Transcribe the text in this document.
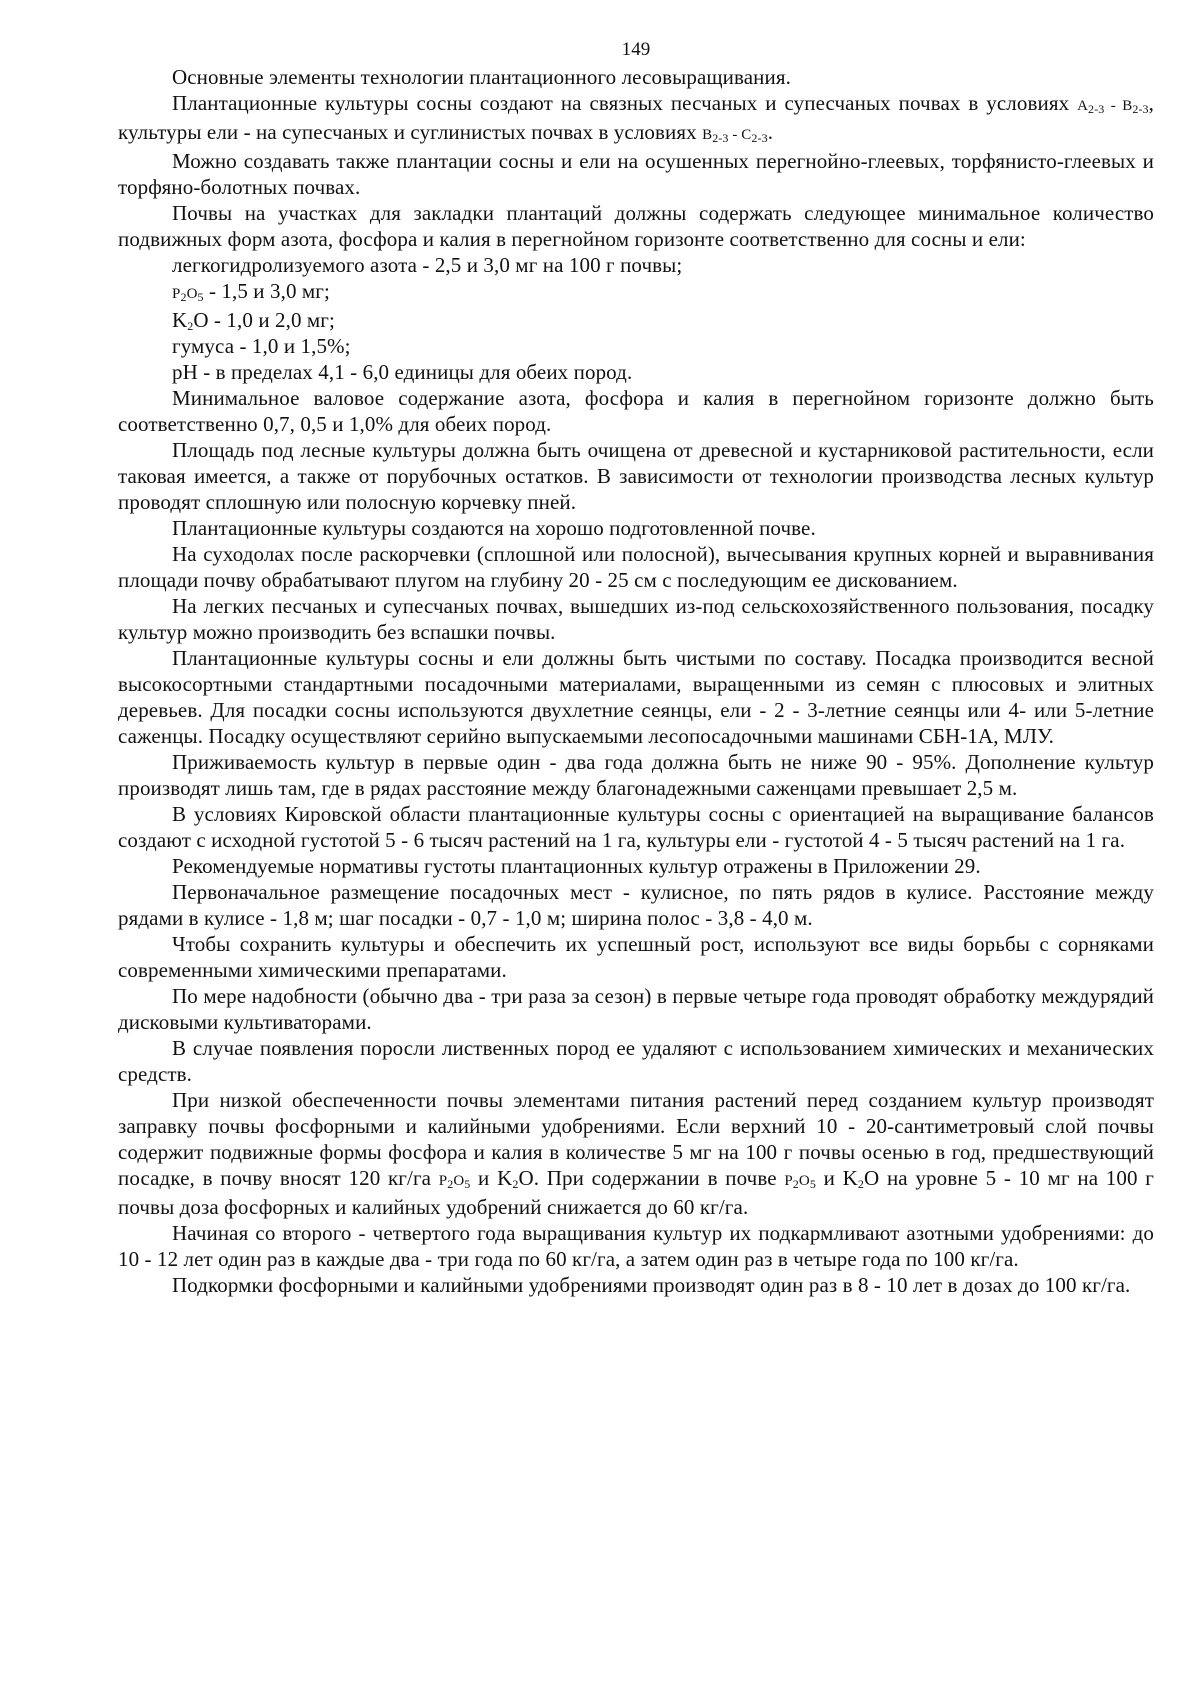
149

Основные элементы технологии плантационного лесовыращивания.

Плантационные культуры сосны создают на связных песчаных и супесчаных почвах в условиях $A_{2-3} - B_{2-3}$, культуры ели - на супесчаных и суглинистых почвах в условиях $B_{2-3} - C_{2-3}$.

Можно создавать также плантации сосны и ели на осушенных перегнойно-глеевых, торфянисто-глеевых и торфяно-болотных почвах.

Почвы на участках для закладки плантаций должны содержать следующее минимальное количество подвижных форм азота, фосфора и калия в перегнойном горизонте соответственно для сосны и ели:

легкогидролизуемого азота - 2,5 и 3,0 мг на 100 г почвы;

$P_2O_5 - 1,5$ и 3,0 мг;

$K_2O - 1,0$ и 2,0 мг;

гумуса - 1,0 и 1,5%;

pH - в пределах 4,1 - 6,0 единицы для обеих пород.

Минимальное валовое содержание азота, фосфора и калия в перегнойном горизонте должно быть соответственно 0,7, 0,5 и 1,0% для обеих пород.

Площадь под лесные культуры должна быть очищена от древесной и кустарниковой растительности, если таковая имеется, а также от порубочных остатков. В зависимости от технологии производства лесных культур проводят сплошную или полосную корчевку пней.

Плантационные культуры создаются на хорошо подготовленной почве.

На суходолах после раскорчевки (сплошной или полосной), вычесывания крупных корней и выравнивания площади почву обрабатывают плугом на глубину 20 - 25 см с последующим ее дискованием.

На легких песчаных и супесчаных почвах, вышедших из-под сельскохозяйственного пользования, посадку культур можно производить без вспашки почвы.

Плантационные культуры сосны и ели должны быть чистыми по составу. Посадка производится весной высокосортными стандартными посадочными материалами, выращенными из семян с плюсовых и элитных деревьев. Для посадки сосны используются двухлетние сеянцы, ели - 2 - 3-летние сеянцы или 4- или 5-летние саженцы. Посадку осуществляют серийно выпускаемыми лесопосадочными машинами СБН-1А, МЛУ.

Приживаемость культур в первые один - два года должна быть не ниже 90 - 95%. Дополнение культур производят лишь там, где в рядах расстояние между благонадежными саженцами превышает 2,5 м.

В условиях Кировской области плантационные культуры сосны с ориентацией на выращивание балансов создают с исходной густотой 5 - 6 тысяч растений на 1 га, культуры ели - густотой 4 - 5 тысяч растений на 1 га.

Рекомендуемые нормативы густоты плантационных культур отражены в Приложении 29.

Первоначальное размещение посадочных мест - кулисное, по пять рядов в кулисе. Расстояние между рядами в кулисе - 1,8 м; шаг посадки - 0,7 - 1,0 м; ширина полос - 3,8 - 4,0 м.

Чтобы сохранить культуры и обеспечить их успешный рост, используют все виды борьбы с сорняками современными химическими препаратами.

По мере надобности (обычно два - три раза за сезон) в первые четыре года проводят обработку междурядий дисковыми культиваторами.

В случае появления поросли лиственных пород ее удаляют с использованием химических и механических средств.

При низкой обеспеченности почвы элементами питания растений перед созданием культур производят заправку почвы фосфорными и калийными удобрениями. Если верхний 10 - 20-сантиметровый слой почвы содержит подвижные формы фосфора и калия в количестве 5 мг на 100 г почвы осенью в год, предшествующий посадке, в почву вносят 120 кг/га $P_2O_5$ и $K_2O$. При содержании в почве $P_2O_5$ и $K_2O$ на уровне 5 - 10 мг на 100 г почвы доза фосфорных и калийных удобрений снижается до 60 кг/га.

Начиная со второго - четвертого года выращивания культур их подкармливают азотными удобрениями: до 10 - 12 лет один раз в каждые два - три года по 60 кг/га, а затем один раз в четыре года по 100 кг/га.

Подкормки фосфорными и калийными удобрениями производят один раз в 8 - 10 лет в дозах до 100 кг/га.
